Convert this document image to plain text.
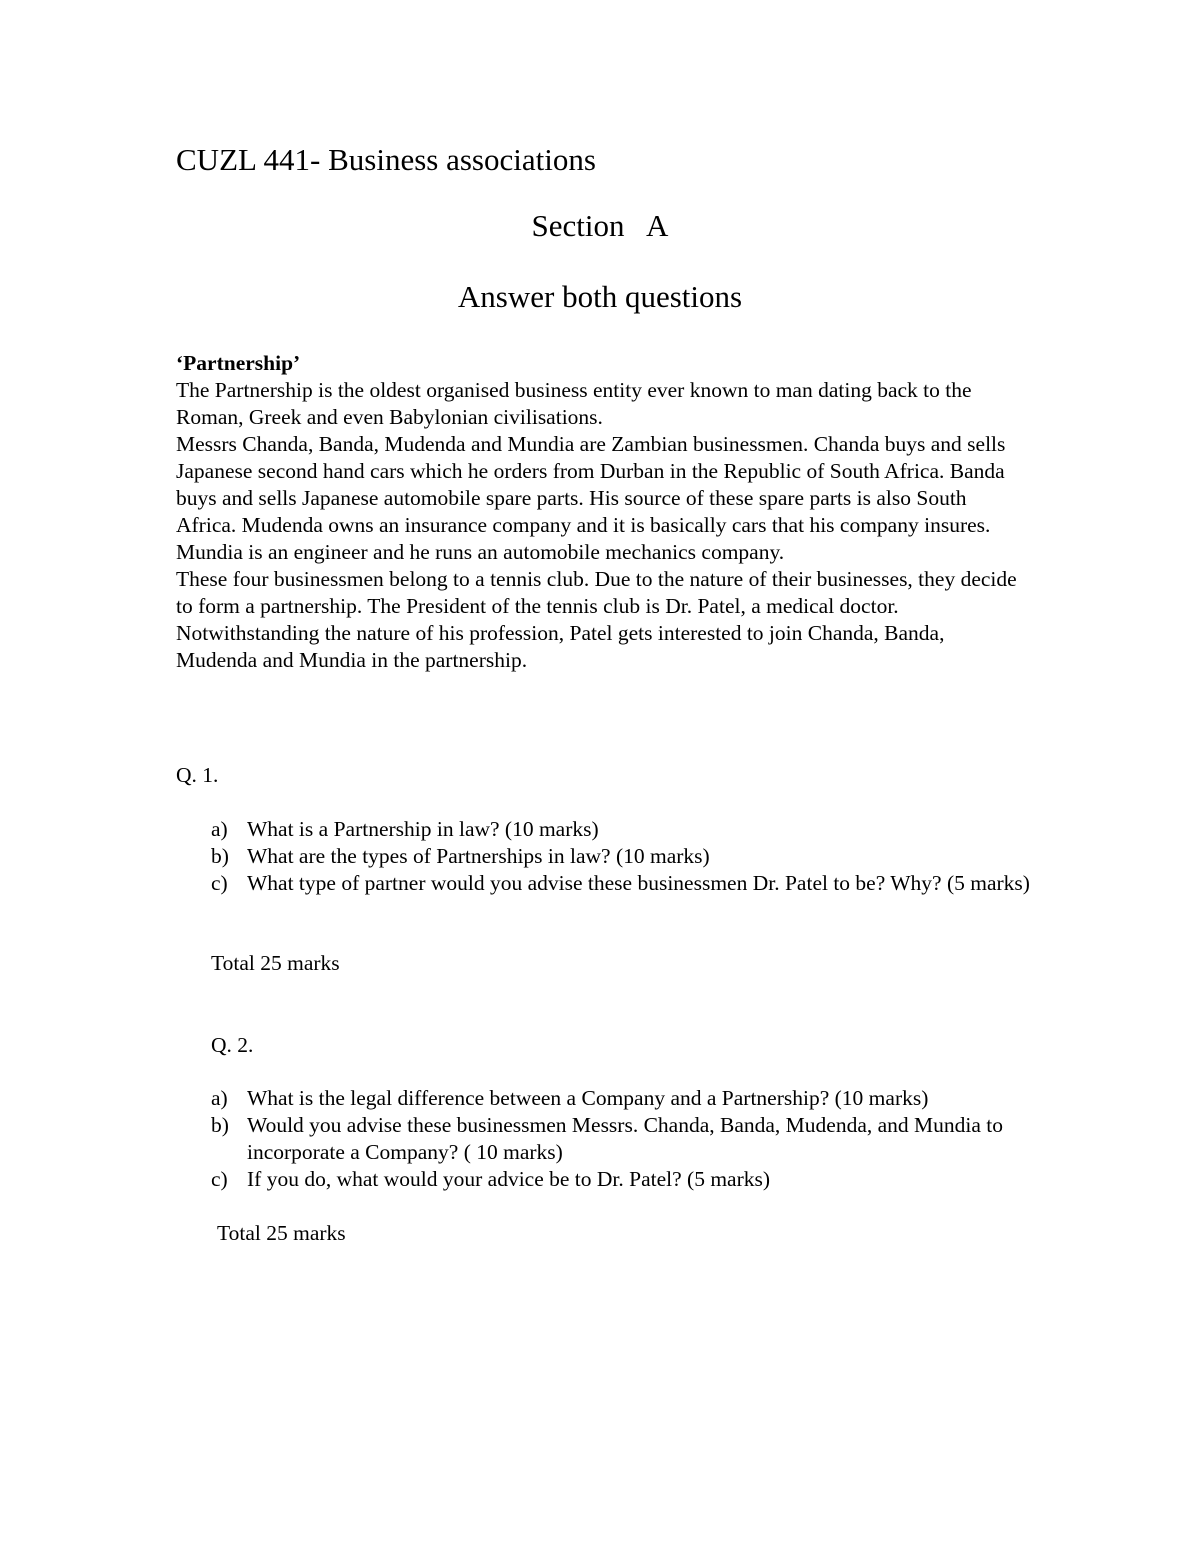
CUZL 441- Business associations
Section   A
Answer both questions

‘Partnership’

The Partnership is the oldest organised business entity ever known to man dating back to the Roman, Greek and even Babylonian civilisations.

Messrs Chanda, Banda, Mudenda and Mundia are Zambian businessmen. Chanda buys and sells Japanese second hand cars which he orders from Durban in the Republic of South Africa. Banda buys and sells Japanese automobile spare parts. His source of these spare parts is also South Africa. Mudenda owns an insurance company and it is basically cars that his company insures. Mundia is an engineer and he runs an automobile mechanics company.

These four businessmen belong to a tennis club. Due to the nature of their businesses, they decide to form a partnership. The President of the tennis club is Dr. Patel, a medical doctor. Notwithstanding the nature of his profession, Patel gets interested to join Chanda, Banda, Mudenda and Mundia in the partnership.

Q. 1.
a) What is a Partnership in law? (10 marks)
b) What are the types of Partnerships in law? (10 marks)
c) What type of partner would you advise these businessmen Dr. Patel to be? Why? (5 marks)
Total 25 marks
Q. 2.
a) What is the legal difference between a Company and a Partnership? (10 marks)
b) Would you advise these businessmen Messrs. Chanda, Banda, Mudenda, and Mundia to incorporate a Company? ( 10 marks)
c) If you do, what would your advice be to Dr. Patel? (5 marks)
Total 25 marks
